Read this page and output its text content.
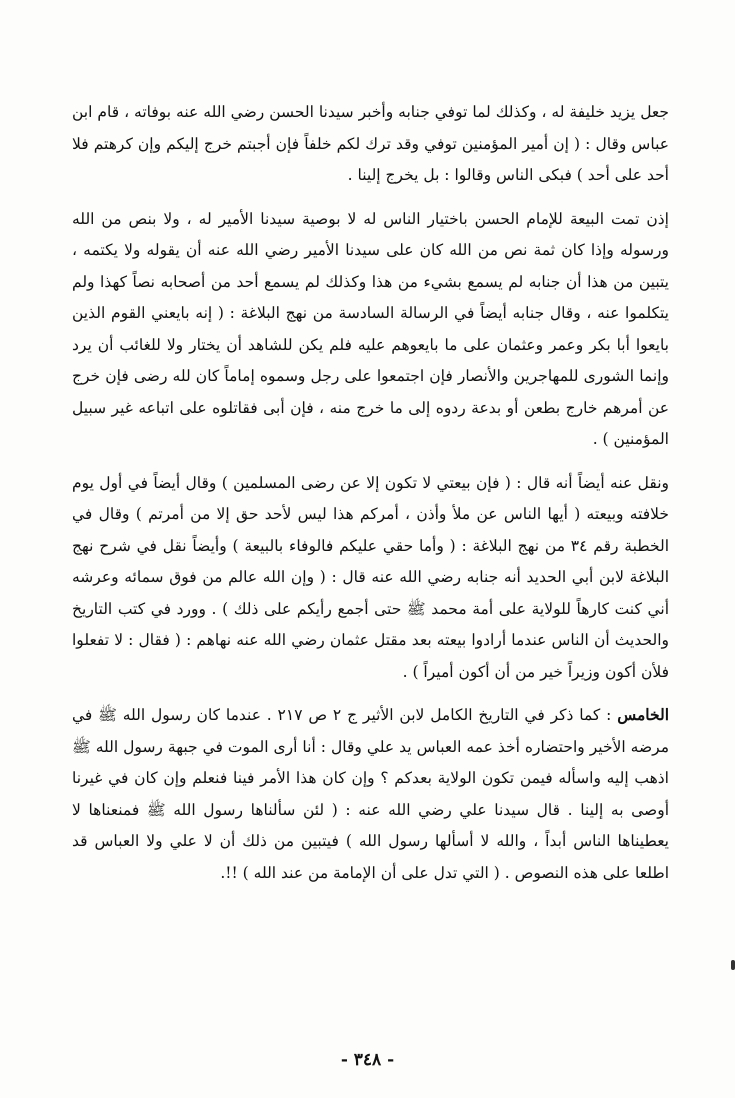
جعل يزيد خليفة له ، وكذلك لما توفي جنابه وأخبر سيدنا الحسن رضي الله عنه بوفاته ، قام ابن عباس وقال : ( إن أمير المؤمنين توفي وقد ترك لكم خلفاً فإن أجبتم خرج إليكم وإن كرهتم فلا أحد على أحد ) فبكى الناس وقالوا : بل يخرج إلينا .

إذن تمت البيعة للإمام الحسن باختيار الناس له لا بوصية سيدنا الأمير له ، ولا بنص من الله ورسوله وإذا كان ثمة نص من الله كان على سيدنا الأمير رضي الله عنه أن يقوله ولا يكتمه ، يتبين من هذا أن جنابه لم يسمع بشيء من هذا وكذلك لم يسمع أحد من أصحابه نصاً كهذا ولم يتكلموا عنه ، وقال جنابه أيضاً في الرسالة السادسة من نهج البلاغة : ( إنه بايعني القوم الذين بايعوا أبا بكر وعمر وعثمان على ما بايعوهم عليه فلم يكن للشاهد أن يختار ولا للغائب أن يرد وإنما الشورى للمهاجرين والأنصار فإن اجتمعوا على رجل وسموه إماماً كان لله رضى فإن خرج عن أمرهم خارج بطعن أو بدعة ردوه إلى ما خرج منه ، فإن أبى فقاتلوه على اتباعه غير سبيل المؤمنين ) .

ونقل عنه أيضاً أنه قال : ( فإن بيعتي لا تكون إلا عن رضى المسلمين ) وقال أيضاً في أول يوم خلافته وبيعته ( أيها الناس عن ملأ وأذن ، أمركم هذا ليس لأحد حق إلا من أمرتم ) وقال في الخطبة رقم ٣٤ من نهج البلاغة : ( وأما حقي عليكم فالوفاء بالبيعة ) وأيضاً نقل في شرح نهج البلاغة لابن أبي الحديد أنه جنابه رضي الله عنه قال : ( وإن الله عالم من فوق سمائه وعرشه أني كنت كارهاً للولاية على أمة محمد ﷺ حتى أجمع رأيكم على ذلك ) . وورد في كتب التاريخ والحديث أن الناس عندما أرادوا بيعته بعد مقتل عثمان رضي الله عنه نهاهم : ( فقال : لا تفعلوا فلأن أكون وزيراً خير من أن أكون أميراً ) .

الخامس : كما ذكر في التاريخ الكامل لابن الأثير ج ٢ ص ٢١٧ . عندما كان رسول الله ﷺ في مرضه الأخير واحتضاره أخذ عمه العباس يد علي وقال : أنا أرى الموت في جبهة رسول الله ﷺ اذهب إليه واسأله فيمن تكون الولاية بعدكم ؟ وإن كان هذا الأمر فينا فنعلم وإن كان في غيرنا أوصى به إلينا . قال سيدنا علي رضي الله عنه : ( لئن سألناها رسول الله ﷺ فمنعناها لا يعطيناها الناس أبداً ، والله لا أسألها رسول الله ) فيتبين من ذلك أن لا علي ولا العباس قد اطلعا على هذه النصوص . ( التي تدل على أن الإمامة من عند الله ) !!.

- ٣٤٨ -
